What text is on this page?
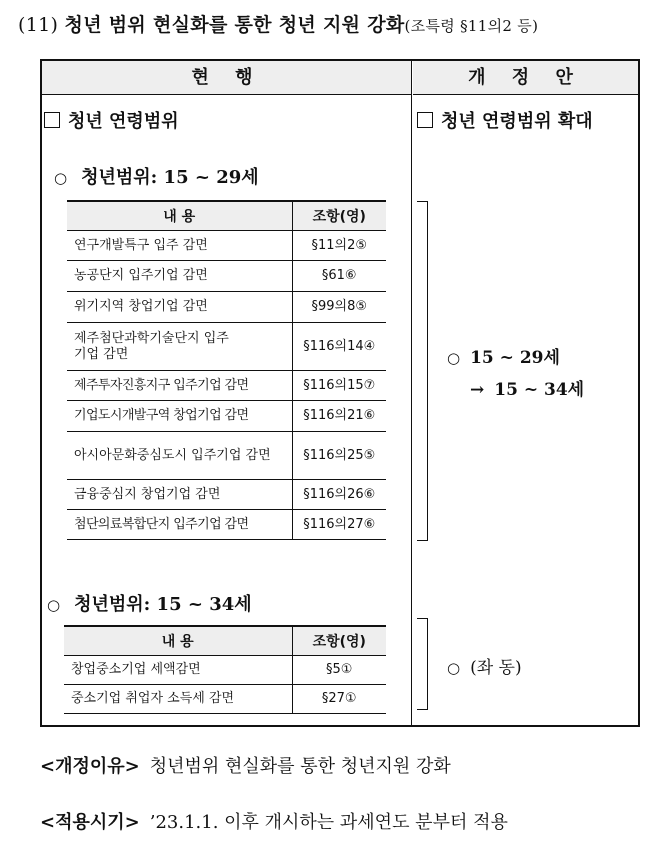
(11) 청년 범위 현실화를 통한 청년 지원 강화(조특령 §11의2 등)
현 행	개 정 안
청년 연령범위
○ 청년범위: 15 ~ 29세
내 용	조항(영)
연구개발특구 입주 감면	§11의2⑤
농공단지 입주기업 감면	§61⑥
위기지역 창업기업 감면	§99의8⑤
제주첨단과학기술단지 입주기업 감면	§116의14④
제주투자진흥지구 입주기업 감면	§116의15⑦
기업도시개발구역 창업기업 감면	§116의21⑥
아시아문화중심도시 입주기업 감면	§116의25⑤
금융중심지 창업기업 감면	§116의26⑥
첨단의료복합단지 입주기업 감면	§116의27⑥
○ 청년범위: 15 ~ 34세
내 용	조항(영)
창업중소기업 세액감면	§5①
중소기업 취업자 소득세 감면	§27①
청년 연령범위 확대
○ 15 ~ 29세
→ 15 ~ 34세
○ (좌 동)
<개정이유> 청년범위 현실화를 통한 청년지원 강화
<적용시기> ’23.1.1. 이후 개시하는 과세연도 분부터 적용
